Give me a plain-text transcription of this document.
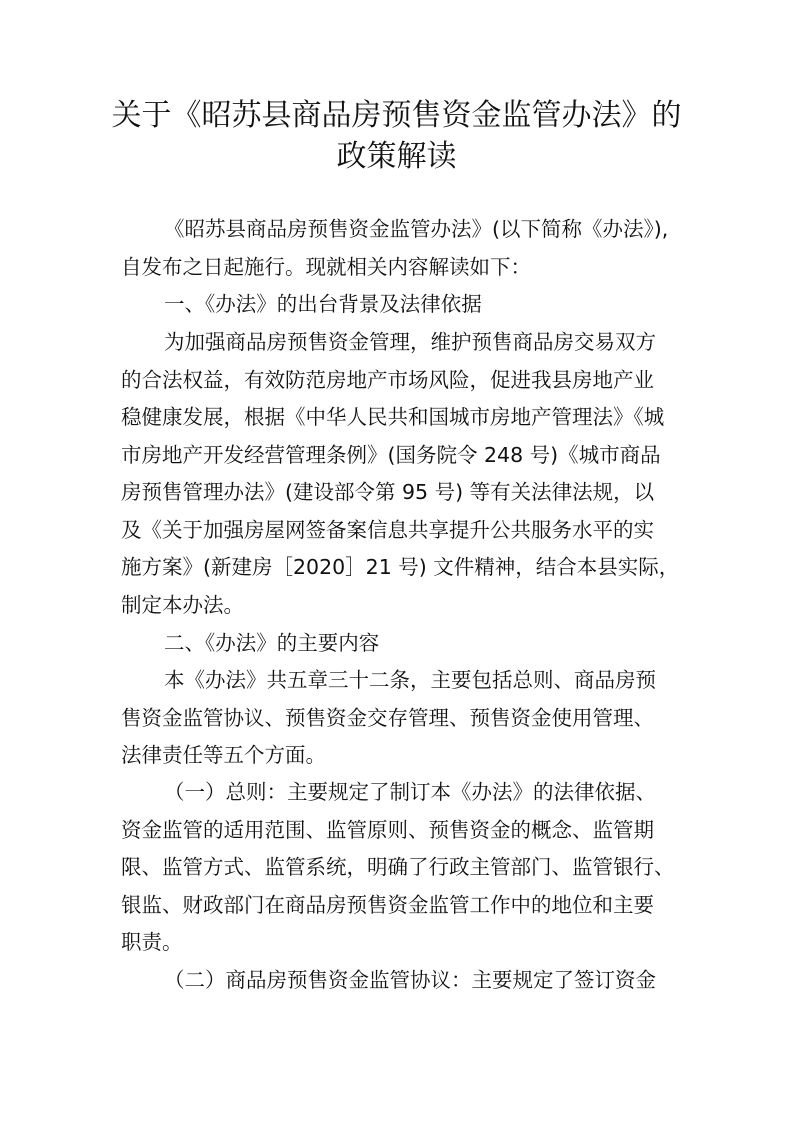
关于《昭苏县商品房预售资金监管办法》的
政策解读
《昭苏县商品房预售资金监管办法》(以下简称《办法》),
自发布之日起施行。现就相关内容解读如下：
一、《办法》的出台背景及法律依据
为加强商品房预售资金管理，维护预售商品房交易双方
的合法权益，有效防范房地产市场风险，促进我县房地产业
稳健康发展，根据《中华人民共和国城市房地产管理法》《城
市房地产开发经营管理条例》(国务院令 248 号)《城市商品
房预售管理办法》(建设部令第 95 号) 等有关法律法规，以
及《关于加强房屋网签备案信息共享提升公共服务水平的实
施方案》(新建房［2020］21 号) 文件精神，结合本县实际，
制定本办法。
二、《办法》的主要内容
本《办法》共五章三十二条，主要包括总则、商品房预
售资金监管协议、预售资金交存管理、预售资金使用管理、
法律责任等五个方面。
（一）总则：主要规定了制订本《办法》的法律依据、
资金监管的适用范围、监管原则、预售资金的概念、监管期
限、监管方式、监管系统，明确了行政主管部门、监管银行、
银监、财政部门在商品房预售资金监管工作中的地位和主要
职责。
（二）商品房预售资金监管协议：主要规定了签订资金
